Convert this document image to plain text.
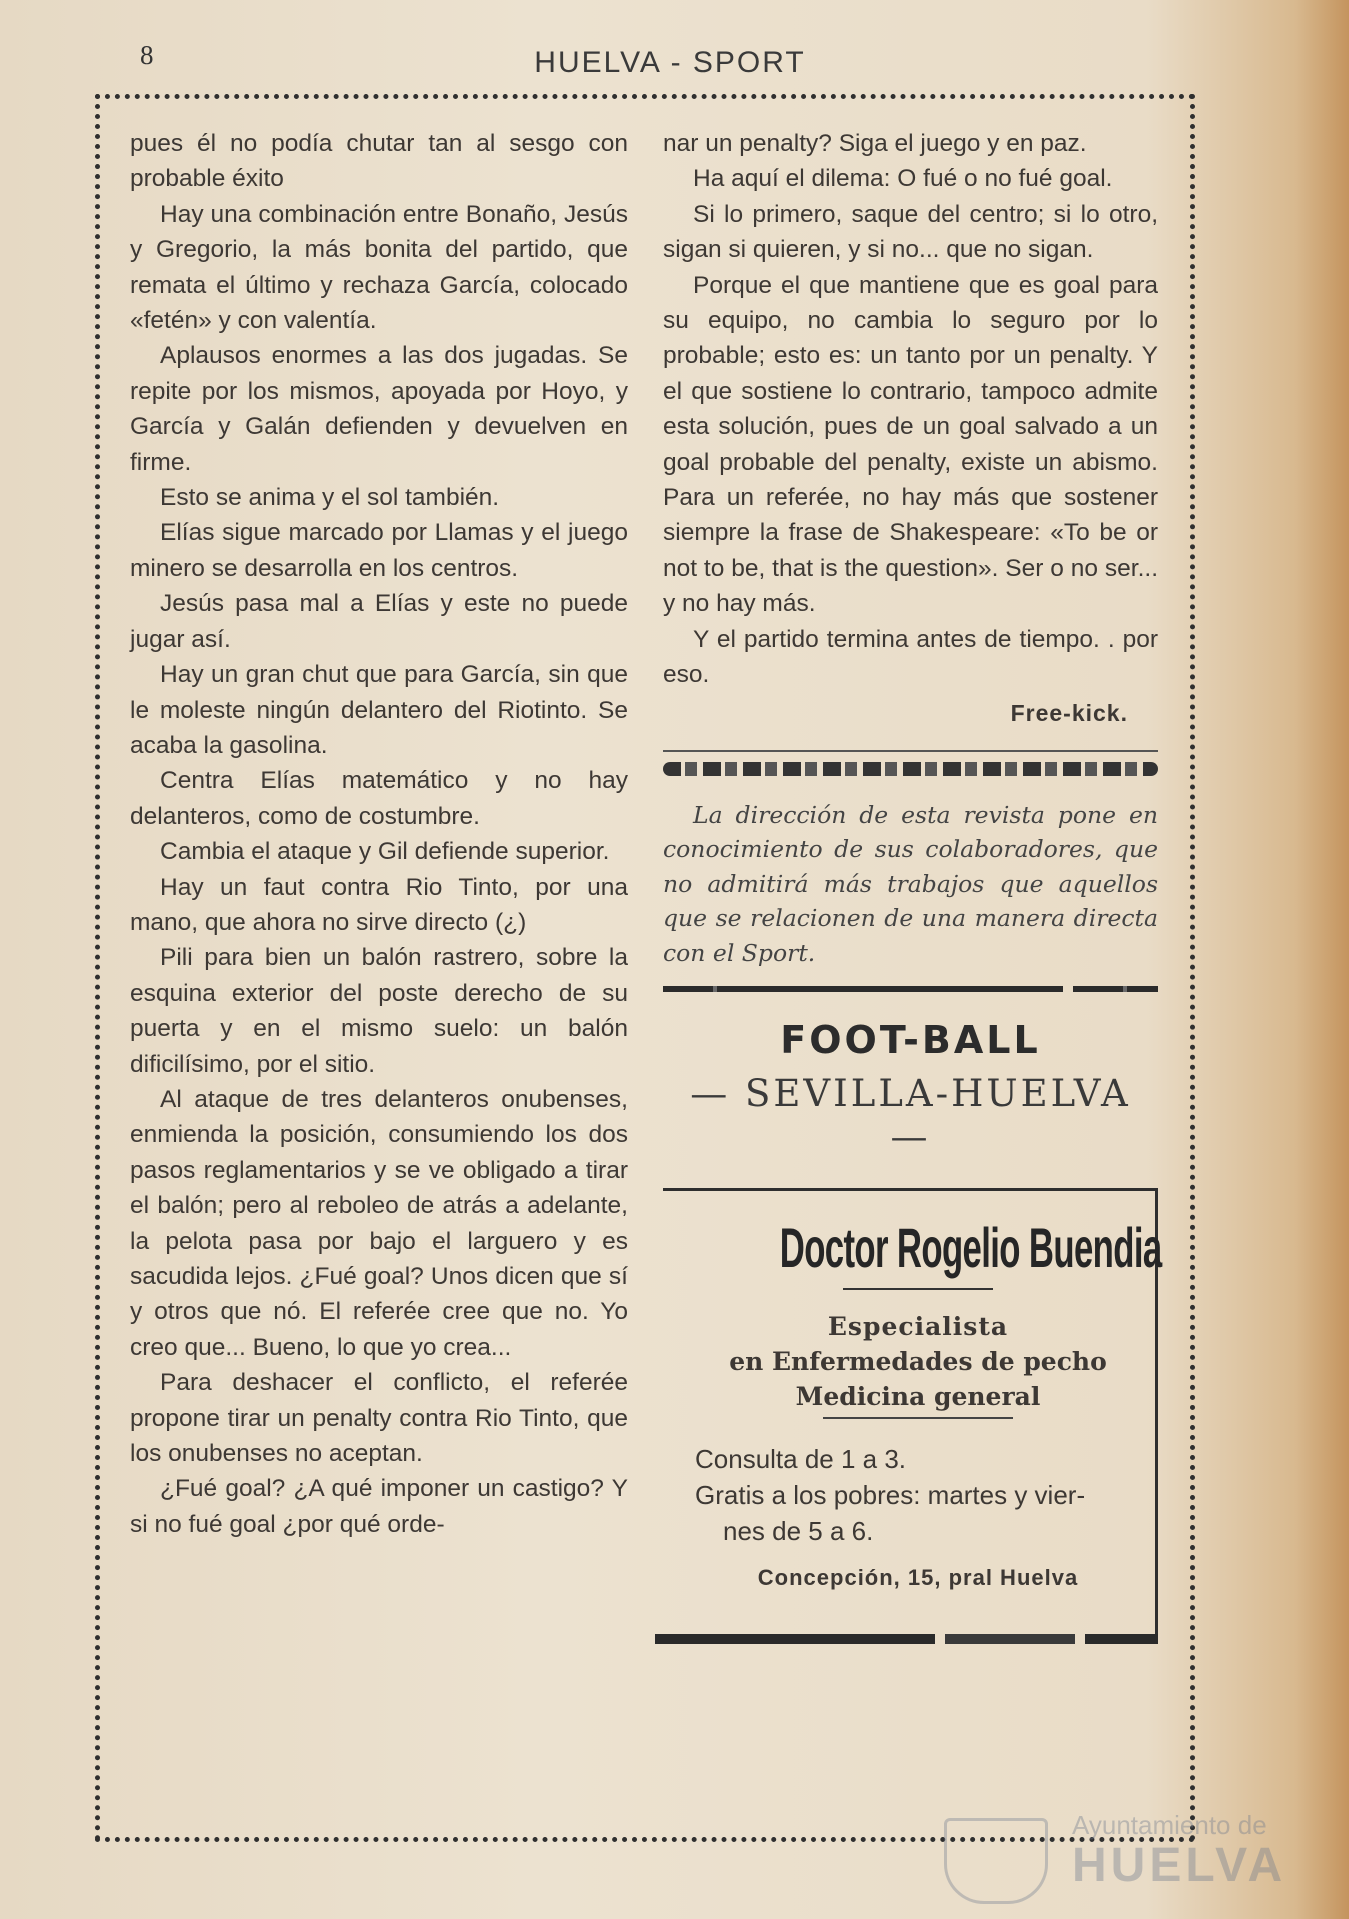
8	HUELVA - SPORT

pues él no podía chutar tan al sesgo con probable éxito

Hay una combinación entre Bonaño, Jesús y Gregorio, la más bonita del partido, que remata el último y rechaza García, colocado «fetén» y con valentía.

Aplausos enormes a las dos jugadas. Se repite por los mismos, apoyada por Hoyo, y García y Galán defienden y devuelven en firme.

Esto se anima y el sol también.

Elías sigue marcado por Llamas y el juego minero se desarrolla en los centros.

Jesús pasa mal a Elías y este no puede jugar así.

Hay un gran chut que para García, sin que le moleste ningún delantero del Riotinto. Se acaba la gasolina.

Centra Elías matemático y no hay delanteros, como de costumbre.

Cambia el ataque y Gil defiende superior.

Hay un faut contra Rio Tinto, por una mano, que ahora no sirve directo (¿)

Pili para bien un balón rastrero, sobre la esquina exterior del poste derecho de su puerta y en el mismo suelo: un balón dificilísimo, por el sitio.

Al ataque de tres delanteros onubenses, enmienda la posición, consumiendo los dos pasos reglamentarios y se ve obligado a tirar el balón; pero al reboleo de atrás a adelante, la pelota pasa por bajo el larguero y es sacudida lejos. ¿Fué goal? Unos dicen que sí y otros que nó. El referée cree que no. Yo creo que... Bueno, lo que yo crea...

Para deshacer el conflicto, el referée propone tirar un penalty contra Rio Tinto, que los onubenses no aceptan.

¿Fué goal? ¿A qué imponer un castigo? Y si no fué goal ¿por qué orde-

nar un penalty? Siga el juego y en paz.

Ha aquí el dilema: O fué o no fué goal.

Si lo primero, saque del centro; si lo otro, sigan si quieren, y si no... que no sigan.

Porque el que mantiene que es goal para su equipo, no cambia lo seguro por lo probable; esto es: un tanto por un penalty. Y el que sostiene lo contrario, tampoco admite esta solución, pues de un goal salvado a un goal probable del penalty, existe un abismo. Para un referée, no hay más que sostener siempre la frase de Shakespeare: «To be or not to be, that is the question». Ser o no ser... y no hay más.

Y el partido termina antes de tiempo. . por eso.

Free-kick.

La dirección de esta revista pone en conocimiento de sus colaboradores, que no admitirá más trabajos que aquellos que se relacionen de una manera directa con el Sport.

FOOT-BALL
— SEVILLA-HUELVA —
Doctor Rogelio Buendia
Especialista
en Enfermedades de pecho
Medicina general
Consulta de 1 a 3.
Gratis a los pobres: martes y vier-
nes de 5 a 6.
Concepción, 15, pral Huelva
Ayuntamiento de
HUELVA
